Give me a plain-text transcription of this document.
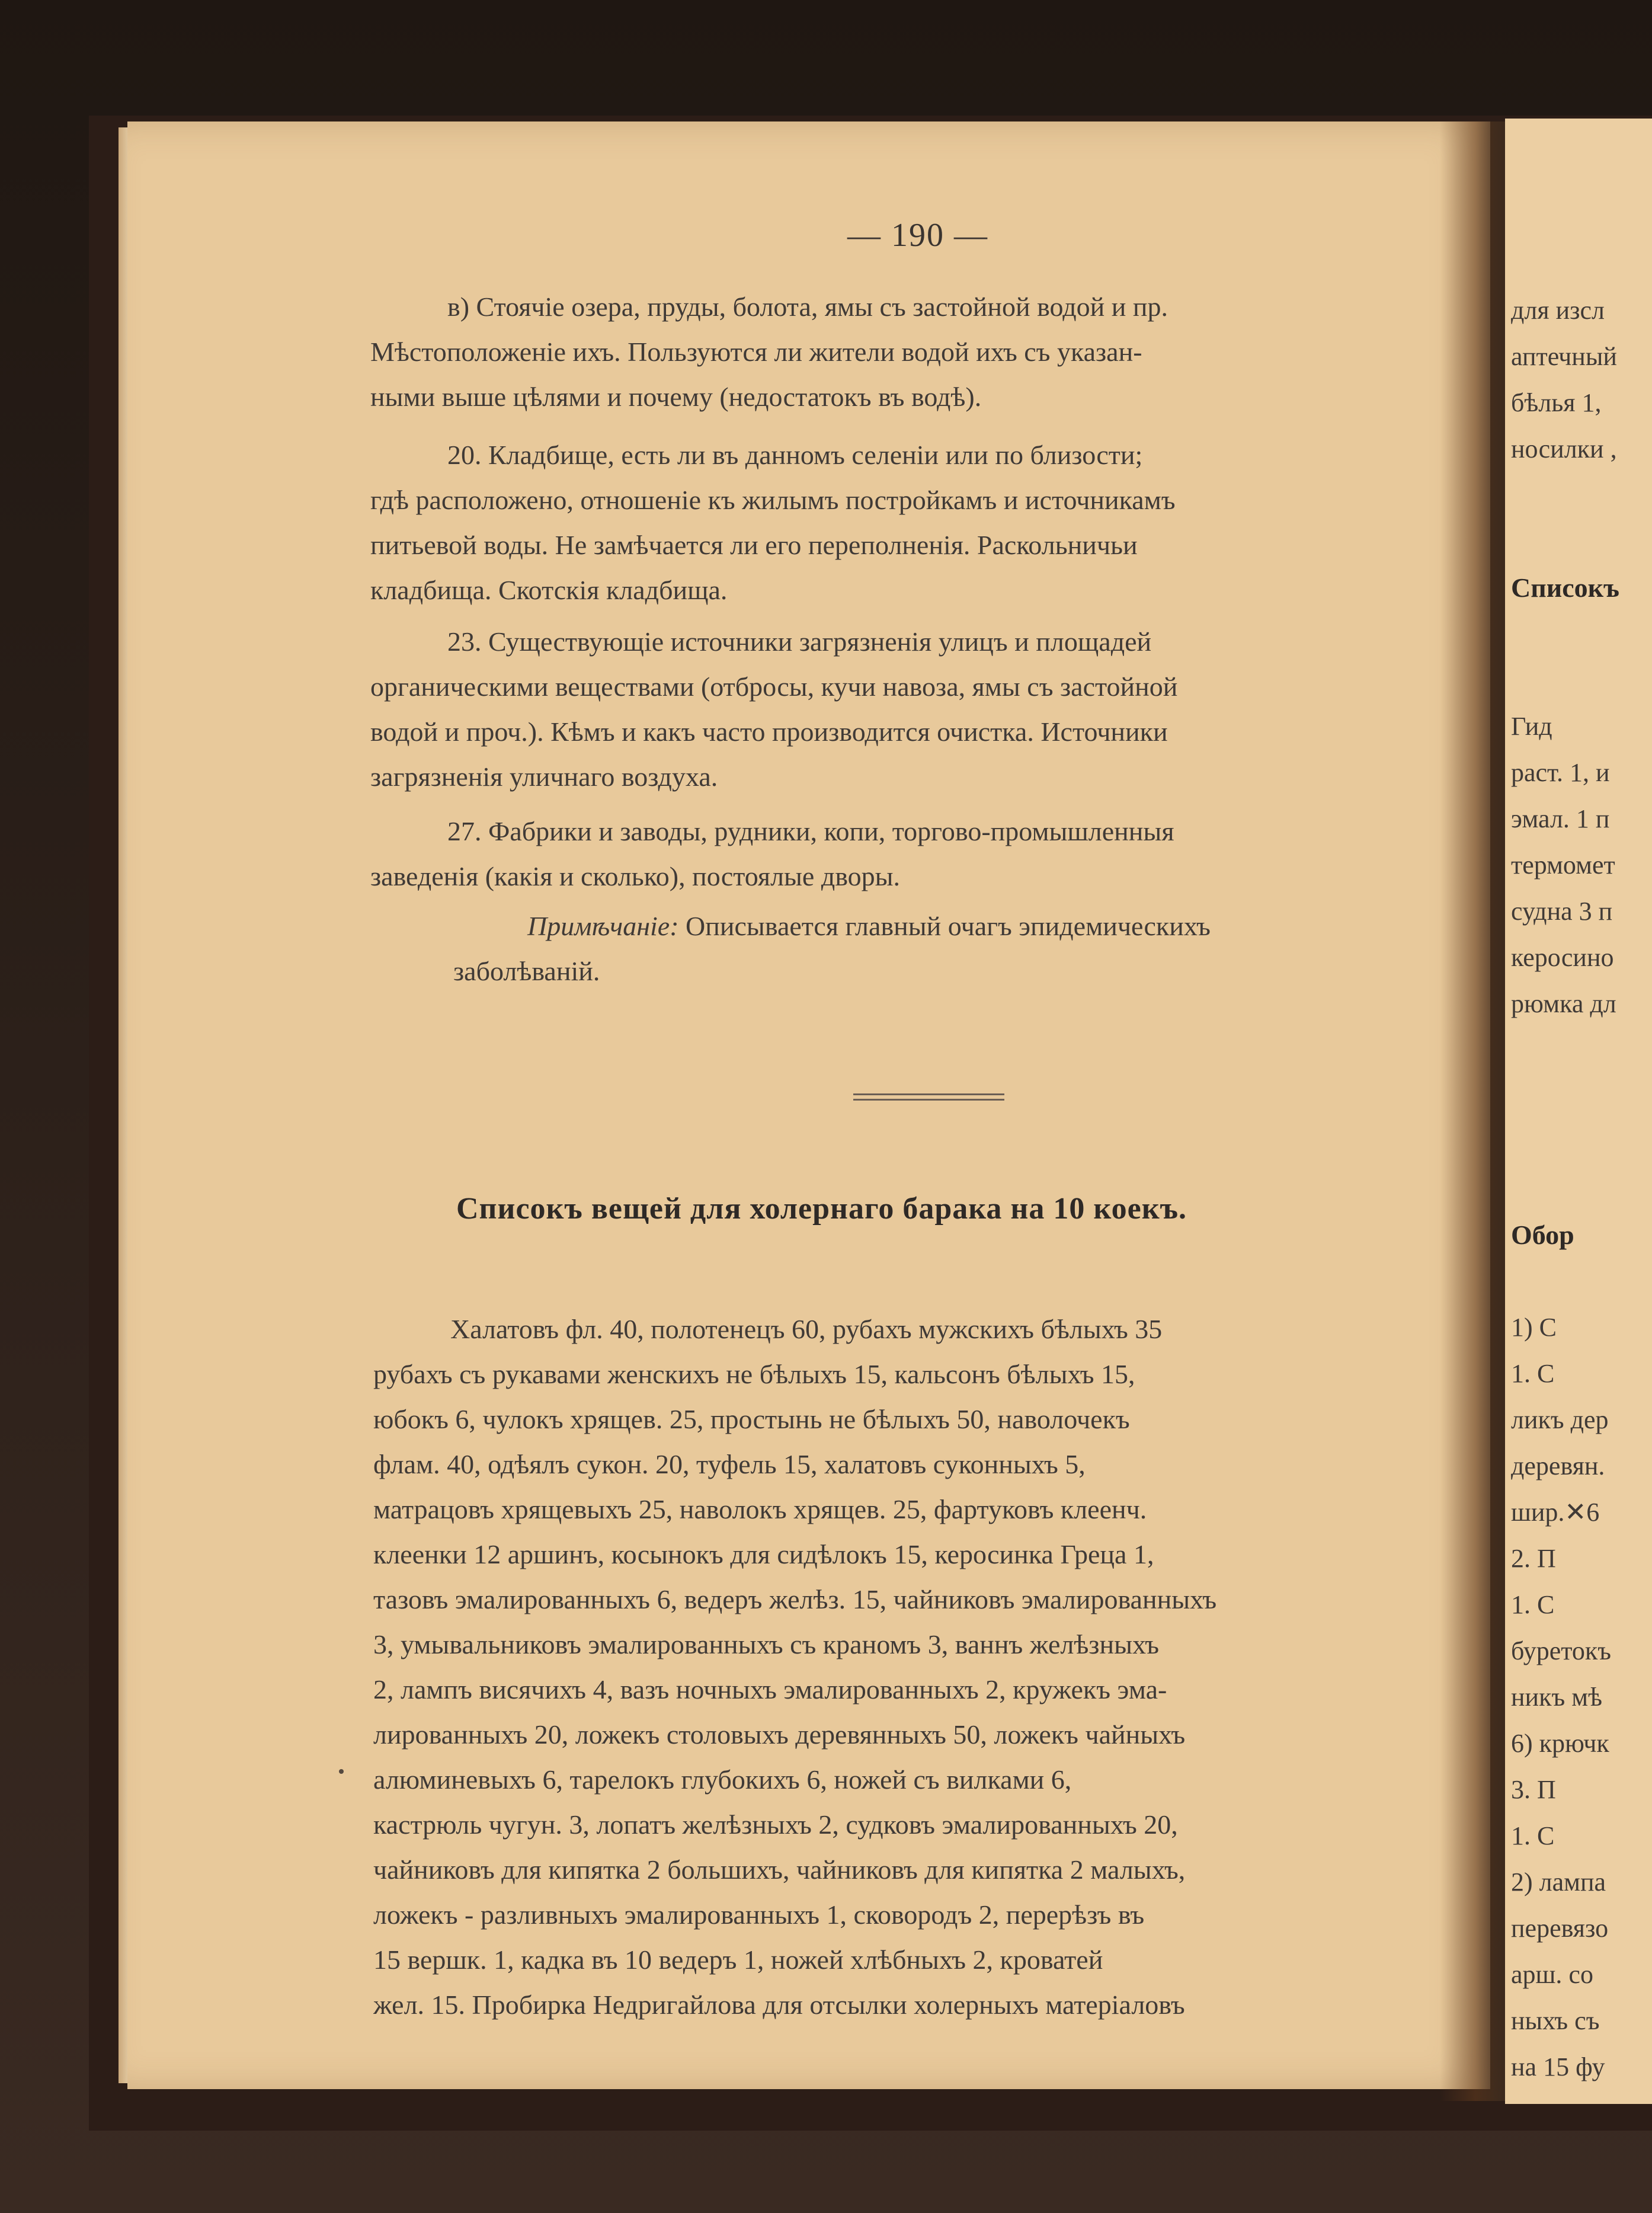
для изсл
аптечный
бѣлья 1,
носилки ,

Списокъ

Гид
раст. 1, и
эмал. 1 п
термомет
судна 3 п
керосино
рюмка дл

Обор

1) С
1. С
ликъ дер
деревян.
шир.✕6
2. П
1. С
буретокъ
никъ мѣ
6) крючк
3. П
1. С
2) лампа
перевязо
арш. со
ныхъ съ
на 15 фу
— 190 —
в) Стоячіе озера, пруды, болота, ямы съ застойной водой и пр.
Мѣстоположеніе ихъ. Пользуются ли жители водой ихъ съ указан-
ными выше цѣлями и почему (недостатокъ въ водѣ).
20. Кладбище, есть ли въ данномъ селеніи или по близости;
гдѣ расположено, отношеніе къ жилымъ постройкамъ и источникамъ
питьевой воды. Не замѣчается ли его переполненія. Раскольничьи
кладбища. Скотскія кладбища.
23. Существующіе источники загрязненія улицъ и площадей
органическими веществами (отбросы, кучи навоза, ямы съ застойной
водой и проч.). Кѣмъ и какъ часто производится очистка. Источники
загрязненія уличнаго воздуха.
27. Фабрики и заводы, рудники, копи, торгово-промышленныя
заведенія (какія и сколько), постоялые дворы.
Примѣчаніе: Описывается главный очагъ эпидемическихъ
заболѣваній.
Списокъ вещей для холернаго барака на 10 коекъ.
Халатовъ фл. 40, полотенецъ 60, рубахъ мужскихъ бѣлыхъ 35
рубахъ съ рукавами женскихъ не бѣлыхъ 15, кальсонъ бѣлыхъ 15,
юбокъ 6, чулокъ хрящев. 25, простынь не бѣлыхъ 50, наволочекъ
флам. 40, одѣялъ сукон. 20, туфель 15, халатовъ суконныхъ 5,
матрацовъ хрящевыхъ 25, наволокъ хрящев. 25, фартуковъ клеенч.
клеенки 12 аршинъ, косынокъ для сидѣлокъ 15, керосинка Греца 1,
тазовъ эмалированныхъ 6, ведеръ желѣз. 15, чайниковъ эмалированныхъ
3, умывальниковъ эмалированныхъ съ краномъ 3, ваннъ желѣзныхъ
2, лампъ висячихъ 4, вазъ ночныхъ эмалированныхъ 2, кружекъ эма-
лированныхъ 20, ложекъ столовыхъ деревянныхъ 50, ложекъ чайныхъ
алюминевыхъ 6, тарелокъ глубокихъ 6, ножей съ вилками 6,
кастрюль чугун. 3, лопатъ желѣзныхъ 2, судковъ эмалированныхъ 20,
чайниковъ для кипятка 2 большихъ, чайниковъ для кипятка 2 малыхъ,
ложекъ - разливныхъ эмалированныхъ 1, сковородъ 2, перерѣзъ въ
15 вершк. 1, кадка въ 10 ведеръ 1, ножей хлѣбныхъ 2, кроватей
жел. 15. Пробирка Недригайлова для отсылки холерныхъ матеріаловъ
